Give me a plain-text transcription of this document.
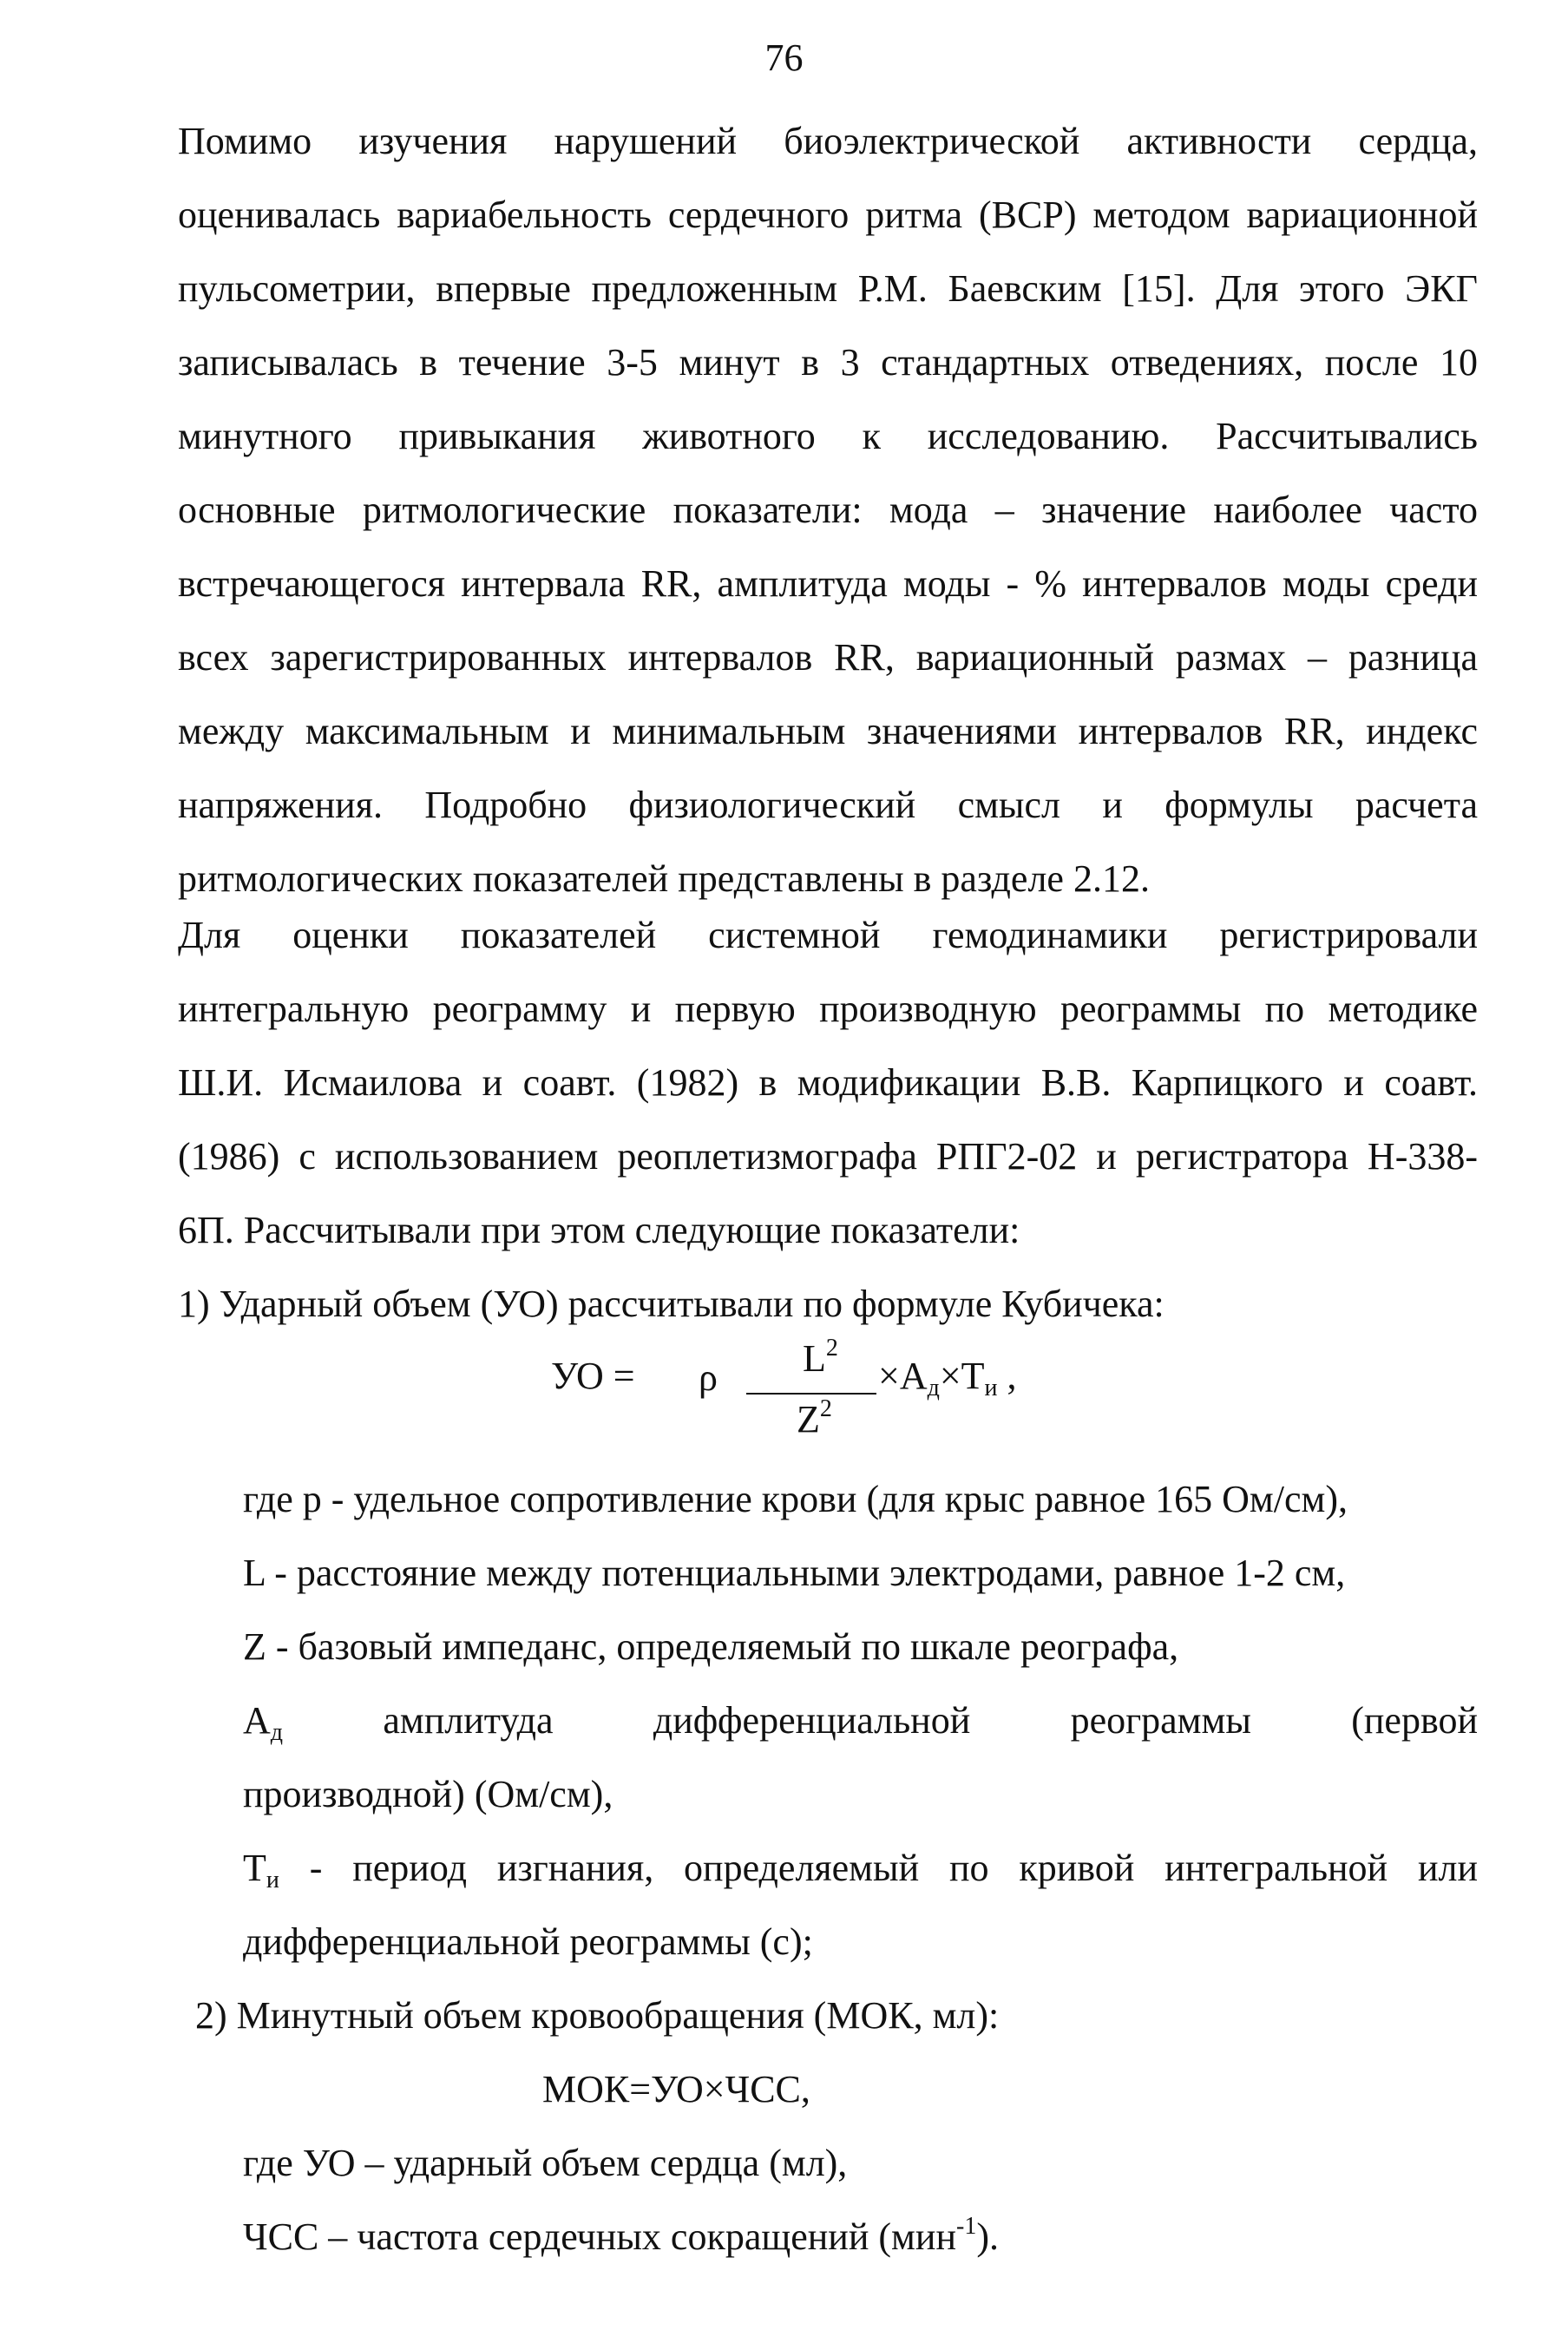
76
Помимо изучения нарушений биоэлектрической активности сердца,
оценивалась вариабельность сердечного ритма (ВСР) методом вариационной
пульсометрии, впервые предложенным Р.М. Баевским [15]. Для этого ЭКГ
записывалась в течение 3-5 минут в 3 стандартных отведениях, после 10
минутного привыкания животного к исследованию. Рассчитывались
основные ритмологические показатели: мода – значение наиболее часто
встречающегося интервала RR, амплитуда моды - % интервалов моды среди
всех зарегистрированных интервалов RR, вариационный размах – разница
между максимальным и минимальным значениями интервалов RR, индекс
напряжения. Подробно физиологический смысл и формулы расчета
ритмологических показателей представлены в разделе 2.12.
Для оценки показателей системной гемодинамики регистрировали
интегральную реограмму и первую производную реограммы по методике
Ш.И. Исмаилова и соавт. (1982) в модификации В.В. Карпицкого и соавт.
(1986) с использованием реоплетизмографа РПГ2-02 и регистратора Н-338-
6П. Рассчитывали при этом следующие показатели:
1) Ударный объем (УО) рассчитывали по формуле Кубичека:
УО = ρ $L^2$
$Z^2$
$\times А_д\times Т_и$ ,
где p - удельное сопротивление крови (для крыс равное 165 Ом/см),
L - расстояние между потенциальными электродами, равное 1-2 см,
Z - базовый импеданс, определяемый по шкале реографа,
$А_д$	амплитуда	дифференциальной	реограммы	(первой
производной) (Ом/см),
$Т_и$ - период изгнания, определяемый по кривой интегральной или
дифференциальной реограммы (с);
2) Минутный объем кровообращения (МОК, мл):
МОК=УО×ЧСС,
где УО – ударный объем сердца (мл),
ЧСС – частота сердечных сокращений (мин$^{-1}$).
